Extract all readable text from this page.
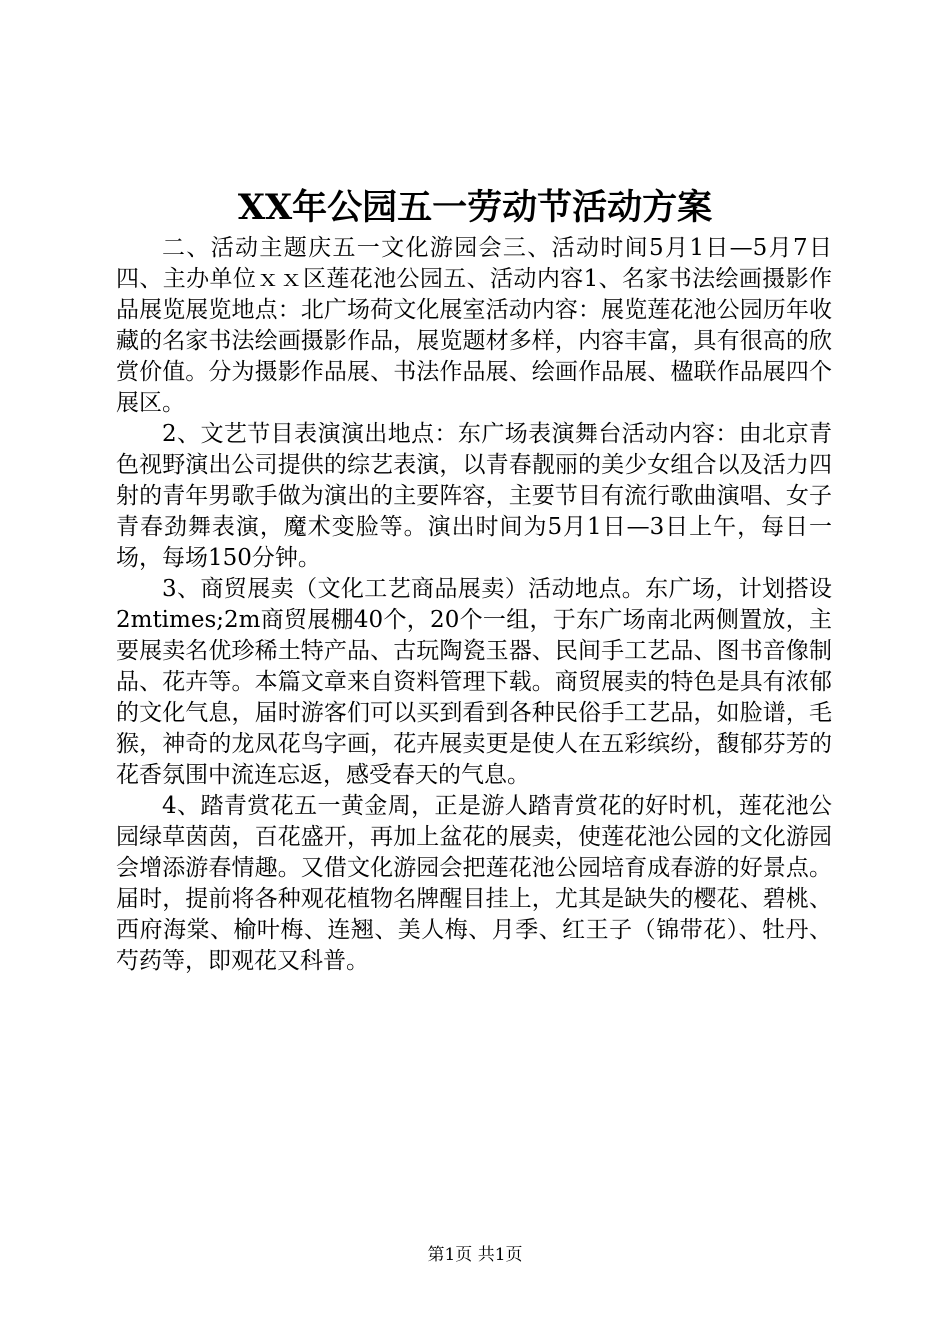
XX年公园五一劳动节活动方案

二、活动主题庆五一文化游园会三、活动时间5月1日—5月7日四、主办单位ｘｘ区莲花池公园五、活动内容1、名家书法绘画摄影作品展览展览地点：北广场荷文化展室活动内容：展览莲花池公园历年收藏的名家书法绘画摄影作品，展览题材多样，内容丰富，具有很高的欣赏价值。分为摄影作品展、书法作品展、绘画作品展、楹联作品展四个展区。

2、文艺节目表演演出地点：东广场表演舞台活动内容：由北京青色视野演出公司提供的综艺表演，以青春靓丽的美少女组合以及活力四射的青年男歌手做为演出的主要阵容，主要节目有流行歌曲演唱、女子青春劲舞表演，魔术变脸等。演出时间为5月1日—3日上午，每日一场，每场150分钟。

3、商贸展卖（文化工艺商品展卖）活动地点。东广场，计划搭设2mtimes;2m商贸展棚40个，20个一组，于东广场南北两侧置放，主要展卖名优珍稀土特产品、古玩陶瓷玉器、民间手工艺品、图书音像制品、花卉等。本篇文章来自资料管理下载。商贸展卖的特色是具有浓郁的文化气息，届时游客们可以买到看到各种民俗手工艺品，如脸谱，毛猴，神奇的龙凤花鸟字画，花卉展卖更是使人在五彩缤纷，馥郁芬芳的花香氛围中流连忘返，感受春天的气息。

4、踏青赏花五一黄金周，正是游人踏青赏花的好时机，莲花池公园绿草茵茵，百花盛开，再加上盆花的展卖，使莲花池公园的文化游园会增添游春情趣。又借文化游园会把莲花池公园培育成春游的好景点。届时，提前将各种观花植物名牌醒目挂上，尤其是缺失的樱花、碧桃、西府海棠、榆叶梅、连翘、美人梅、月季、红王子（锦带花）、牡丹、芍药等，即观花又科普。

第1页 共1页
